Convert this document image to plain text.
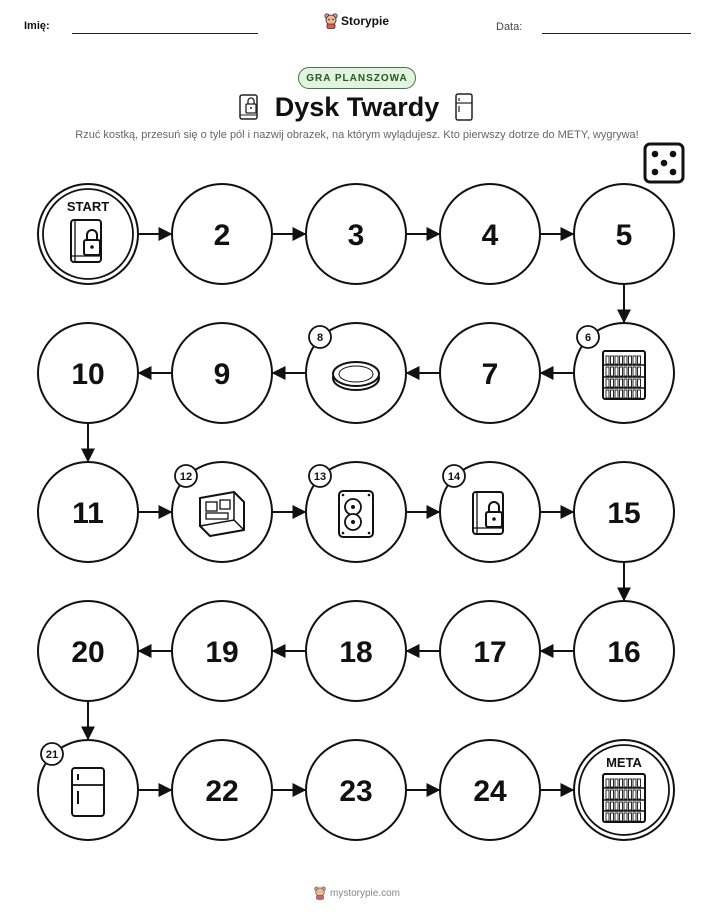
Imię:	Data:
Storypie
GRA PLANSZOWA
Dysk Twardy
Rzuć kostką, przesuń się o tyle pól i nazwij obrazek, na którym wylądujesz. Kto pierwszy dotrze do METY, wygrywa!
START
2	3	4	5
6
7
8
9
10
11
12	13	14
15
16
17
18
19
20
21
22	23	24
META
mystorypie.com
